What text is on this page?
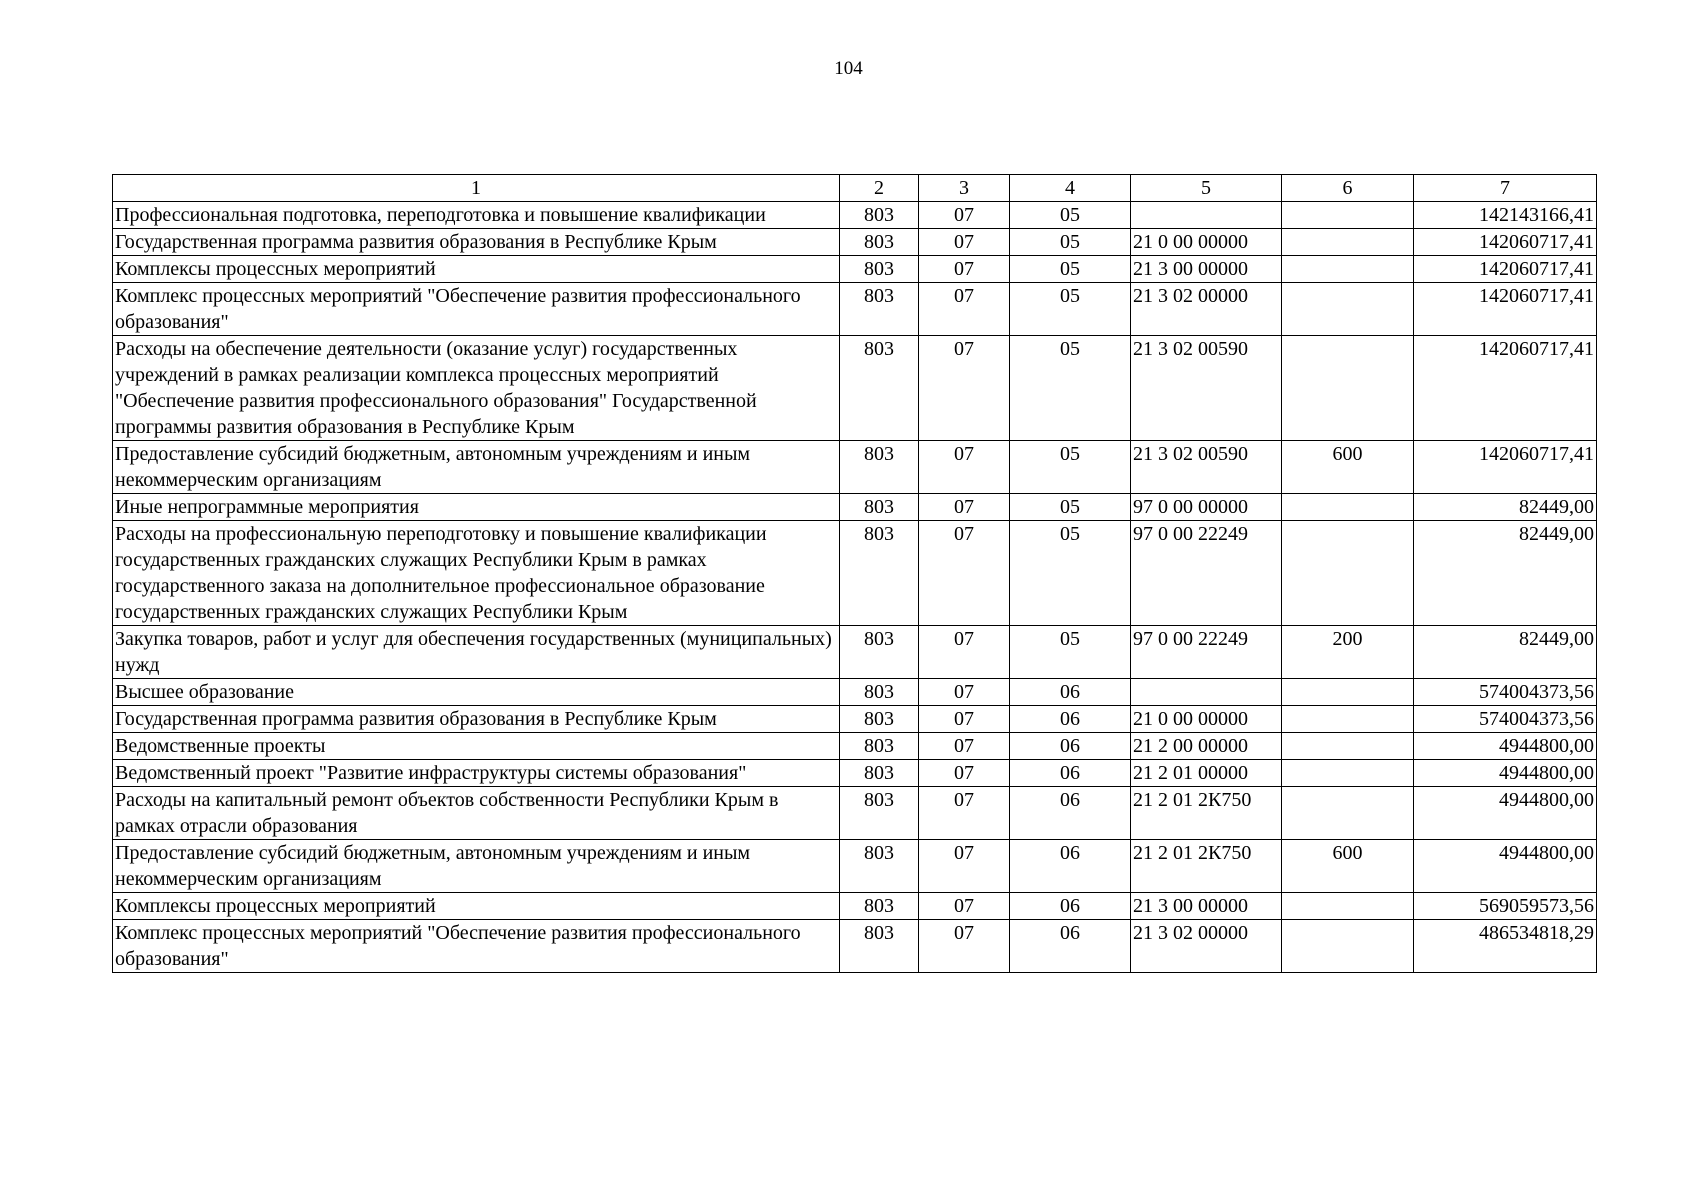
104
1	2	3	4	5	6	7
Профессиональная подготовка, переподготовка и повышение квалификации	803	07	05			142143166,41
Государственная программа развития образования в Республике Крым	803	07	05	21 0 00 00000		142060717,41
Комплексы процессных мероприятий	803	07	05	21 3 00 00000		142060717,41
Комплекс процессных мероприятий "Обеспечение развития профессионального образования"	803	07	05	21 3 02 00000		142060717,41
Расходы на обеспечение деятельности (оказание услуг) государственных учреждений в рамках реализации комплекса процессных мероприятий "Обеспечение развития профессионального образования" Государственной программы развития образования в Республике Крым	803	07	05	21 3 02 00590		142060717,41
Предоставление субсидий бюджетным, автономным учреждениям и иным некоммерческим организациям	803	07	05	21 3 02 00590	600	142060717,41
Иные непрограммные мероприятия	803	07	05	97 0 00 00000		82449,00
Расходы на профессиональную переподготовку и повышение квалификации государственных гражданских служащих Республики Крым в рамках государственного заказа на дополнительное профессиональное образование государственных гражданских служащих Республики Крым	803	07	05	97 0 00 22249		82449,00
Закупка товаров, работ и услуг для обеспечения государственных (муниципальных) нужд	803	07	05	97 0 00 22249	200	82449,00
Высшее образование	803	07	06			574004373,56
Государственная программа развития образования в Республике Крым	803	07	06	21 0 00 00000		574004373,56
Ведомственные проекты	803	07	06	21 2 00 00000		4944800,00
Ведомственный проект "Развитие инфраструктуры системы образования"	803	07	06	21 2 01 00000		4944800,00
Расходы на капитальный ремонт объектов собственности Республики Крым в рамках отрасли образования	803	07	06	21 2 01 2К750		4944800,00
Предоставление субсидий бюджетным, автономным учреждениям и иным некоммерческим организациям	803	07	06	21 2 01 2К750	600	4944800,00
Комплексы процессных мероприятий	803	07	06	21 3 00 00000		569059573,56
Комплекс процессных мероприятий "Обеспечение развития профессионального образования"	803	07	06	21 3 02 00000		486534818,29
